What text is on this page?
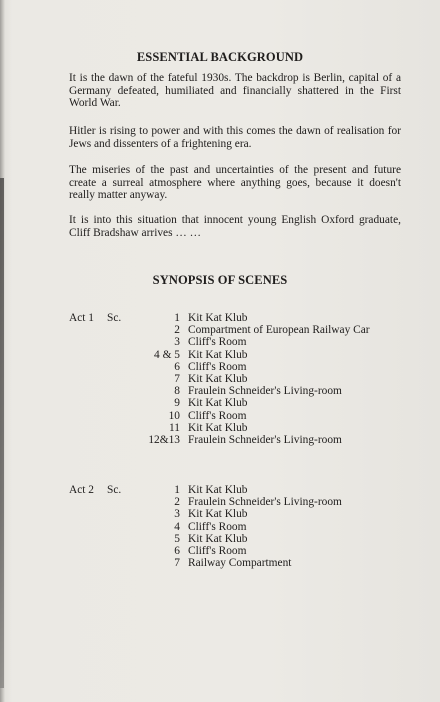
ESSENTIAL BACKGROUND

It is the dawn of the fateful 1930s. The backdrop is Berlin, capital of a Germany defeated, humiliated and financially shattered in the First World War.

Hitler is rising to power and with this comes the dawn of realisation for Jews and dissenters of a frightening era.

The miseries of the past and uncertainties of the present and future create a surreal atmosphere where anything goes, because it doesn't really matter anyway.

It is into this situation that innocent young English Oxford graduate, Cliff Bradshaw arrives … …

SYNOPSIS OF SCENES
Act 1 Sc.	1 Kit Kat Klub
2 Compartment of European Railway Car
3 Cliff's Room
4 & 5 Kit Kat Klub
6 Cliff's Room
7 Kit Kat Klub
8 Fraulein Schneider's Living-room
9 Kit Kat Klub
10 Cliff's Room
11 Kit Kat Klub
12&13 Fraulein Schneider's Living-room
Act 2 Sc.	1 Kit Kat Klub
2 Fraulein Schneider's Living-room
3 Kit Kat Klub
4 Cliff's Room
5 Kit Kat Klub
6 Cliff's Room
7 Railway Compartment
